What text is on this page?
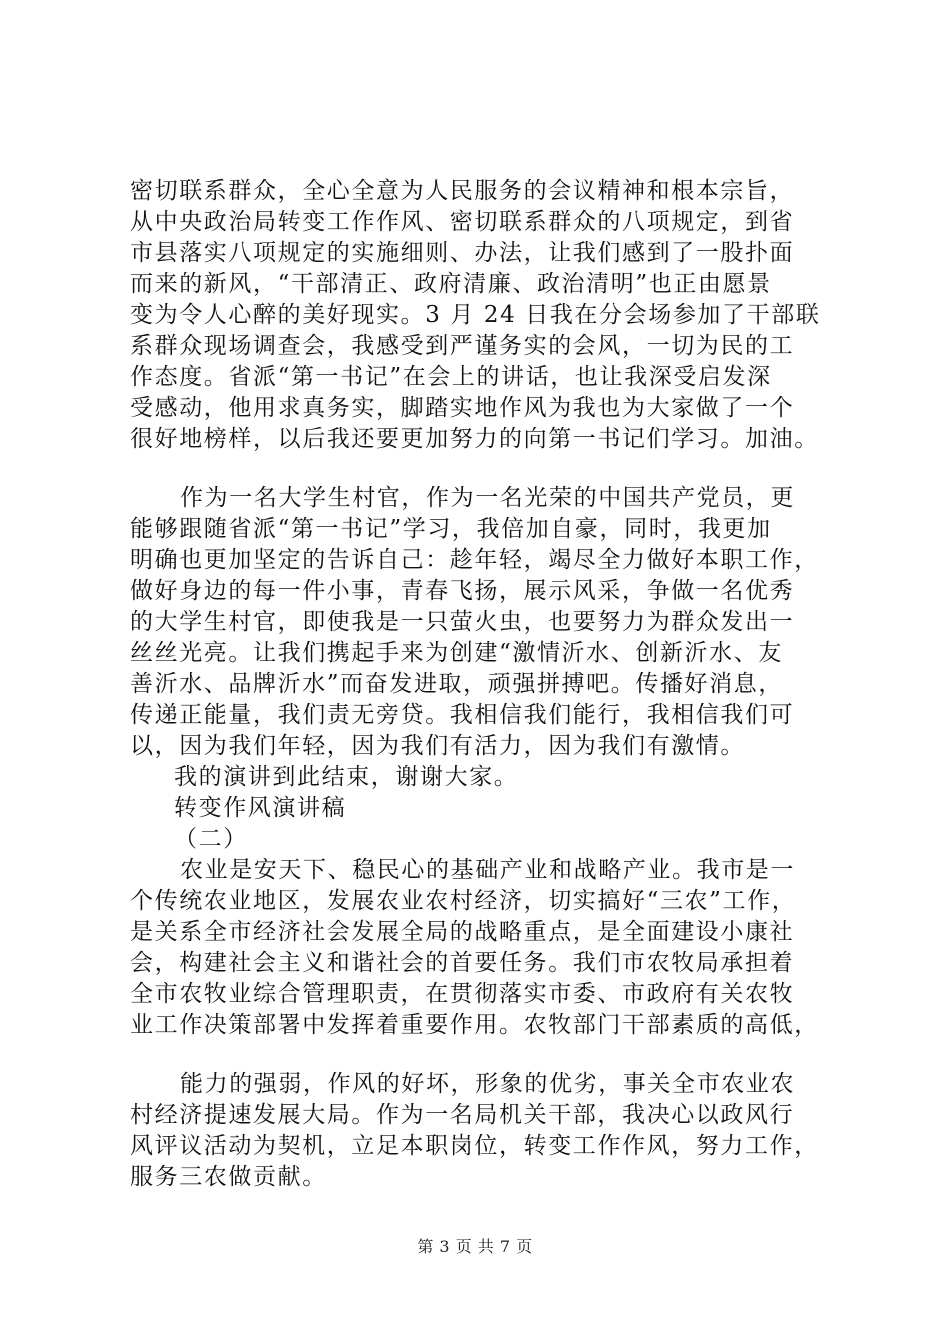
密切联系群众，全心全意为人民服务的会议精神和根本宗旨，

从中央政治局转变工作作风、密切联系群众的八项规定，到省

市县落实八项规定的实施细则、办法，让我们感到了一股扑面

而来的新风，“干部清正、政府清廉、政治清明”也正由愿景

变为令人心醉的美好现实。3 月 24 日我在分会场参加了干部联

系群众现场调查会，我感受到严谨务实的会风，一切为民的工

作态度。省派“第一书记”在会上的讲话，也让我深受启发深

受感动，他用求真务实，脚踏实地作风为我也为大家做了一个

很好地榜样，以后我还要更加努力的向第一书记们学习。加油。

作为一名大学生村官，作为一名光荣的中国共产党员，更

能够跟随省派“第一书记”学习，我倍加自豪，同时，我更加

明确也更加坚定的告诉自己：趁年轻，竭尽全力做好本职工作，

做好身边的每一件小事，青春飞扬，展示风采，争做一名优秀

的大学生村官，即使我是一只萤火虫，也要努力为群众发出一

丝丝光亮。让我们携起手来为创建“激情沂水、创新沂水、友

善沂水、品牌沂水”而奋发进取，顽强拼搏吧。传播好消息，

传递正能量，我们责无旁贷。我相信我们能行，我相信我们可

以，因为我们年轻，因为我们有活力，因为我们有激情。

我的演讲到此结束，谢谢大家。

转变作风演讲稿

（二）

农业是安天下、稳民心的基础产业和战略产业。我市是一

个传统农业地区，发展农业农村经济，切实搞好“三农”工作，

是关系全市经济社会发展全局的战略重点，是全面建设小康社

会，构建社会主义和谐社会的首要任务。我们市农牧局承担着

全市农牧业综合管理职责，在贯彻落实市委、市政府有关农牧

业工作决策部署中发挥着重要作用。农牧部门干部素质的高低，

能力的强弱，作风的好坏，形象的优劣，事关全市农业农

村经济提速发展大局。作为一名局机关干部，我决心以政风行

风评议活动为契机，立足本职岗位，转变工作作风，努力工作，

服务三农做贡献。

第 3 页 共 7 页
